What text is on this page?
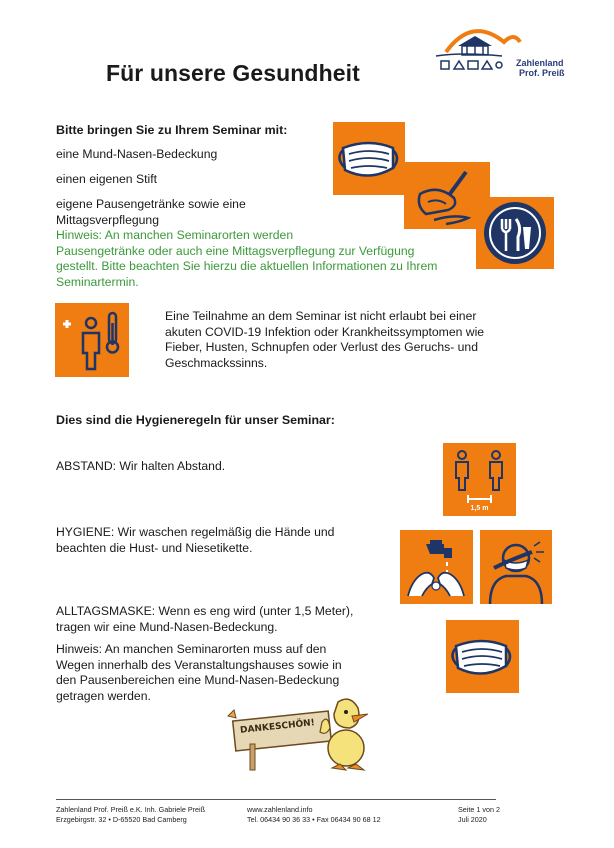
Zahlenland
Prof. Preiß
Für unsere Gesundheit
Bitte bringen Sie zu Ihrem Seminar mit:
eine Mund-Nasen-Bedeckung
einen eigenen Stift
eigene Pausengetränke sowie eine
Mittagsverpflegung
Hinweis: An manchen Seminarorten werden
Pausengetränke oder auch eine Mittagsverpflegung zur Verfügung
gestellt. Bitte beachten Sie hierzu die aktuellen Informationen zu Ihrem
Seminartermin.
Eine Teilnahme an dem Seminar ist nicht erlaubt bei einer
akuten COVID-19 Infektion oder Krankheitssymptomen wie
Fieber, Husten, Schnupfen oder Verlust des Geruchs- und
Geschmackssinns.
Dies sind die Hygieneregeln für unser Seminar:
ABSTAND: Wir halten Abstand.
1,5 m
HYGIENE: Wir waschen regelmäßig die Hände und
beachten die Hust- und Niesetikette.
ALLTAGSMASKE: Wenn es eng wird (unter 1,5 Meter),
tragen wir eine Mund-Nasen-Bedeckung.
Hinweis: An manchen Seminarorten muss auf den
Wegen innerhalb des Veranstaltungshauses sowie in
den Pausenbereichen eine Mund-Nasen-Bedeckung
getragen werden.
DANKESCHÖN!
Zahlenland Prof. Preiß e.K. Inh. Gabriele Preiß
Erzgebirgstr. 32 • D-65520 Bad Camberg
www.zahlenland.info
Tel. 06434 90 36 33 • Fax 06434 90 68 12
Seite 1 von 2
Juli 2020
